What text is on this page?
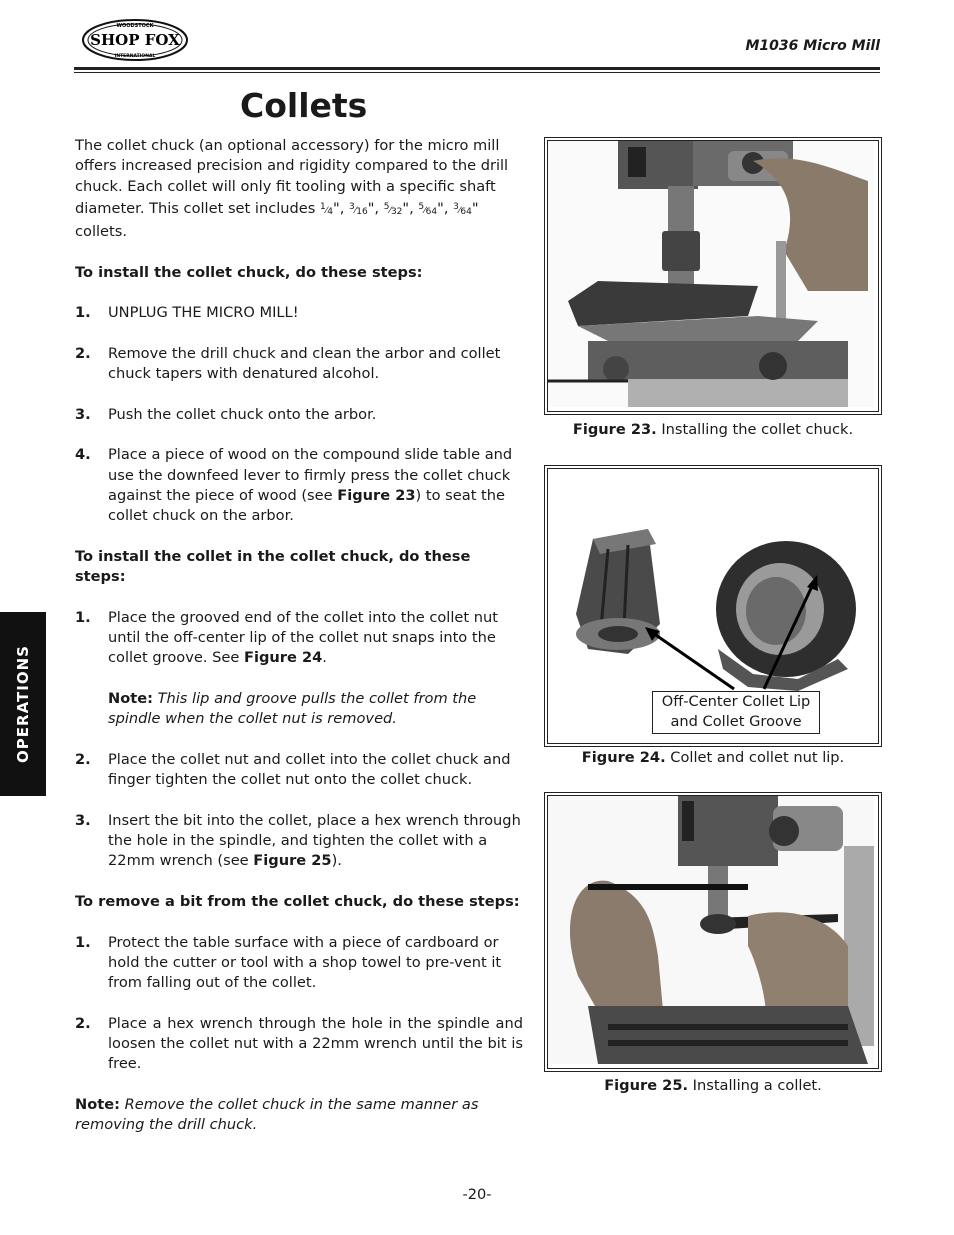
WOODSTOCK
SHOP FOX
INTERNATIONAL
M1036 Micro Mill
Collets
OPERATIONS

The collet chuck (an optional accessory) for the micro mill offers increased precision and rigidity compared to the drill chuck. Each collet will only fit tooling with a specific shaft diameter. This collet set includes $^1⁄_4$", $^3⁄_{16}$", $^5⁄_{32}$", $^5⁄_{64}$", $^3⁄_{64}$" collets.

To install the collet chuck, do these steps:

1.	UNPLUG THE MICRO MILL!
2.	Remove the drill chuck and clean the arbor and collet chuck tapers with denatured alcohol.
3.	Push the collet chuck onto the arbor.
4.	Place a piece of wood on the compound slide table and use the downfeed lever to firmly press the collet chuck against the piece of wood (see Figure 23) to seat the collet chuck on the arbor.

To install the collet in the collet chuck, do these steps:

1.	Place the grooved end of the collet into the collet nut until the off-center lip of the collet nut snaps into the collet groove. See Figure 24.
Note: This lip and groove pulls the collet from the spindle when the collet nut is removed.
2.	Place the collet nut and collet into the collet chuck and finger tighten the collet nut onto the collet chuck.
3.	Insert the bit into the collet, place a hex wrench through the hole in the spindle, and tighten the collet with a 22mm wrench (see Figure 25).

To remove a bit from the collet chuck, do these steps:

1.	Protect the table surface with a piece of cardboard or hold the cutter or tool with a shop towel to pre-vent it from falling out of the collet.
2.	Place a hex wrench through the hole in the spindle and loosen the collet nut with a 22mm wrench until the bit is free.

Note: Remove the collet chuck in the same manner as removing the drill chuck.

Figure 23. Installing the collet chuck.
Off-Center Collet Lip
and Collet Groove
Figure 24. Collet and collet nut lip.
Figure 25. Installing a collet.
-20-
